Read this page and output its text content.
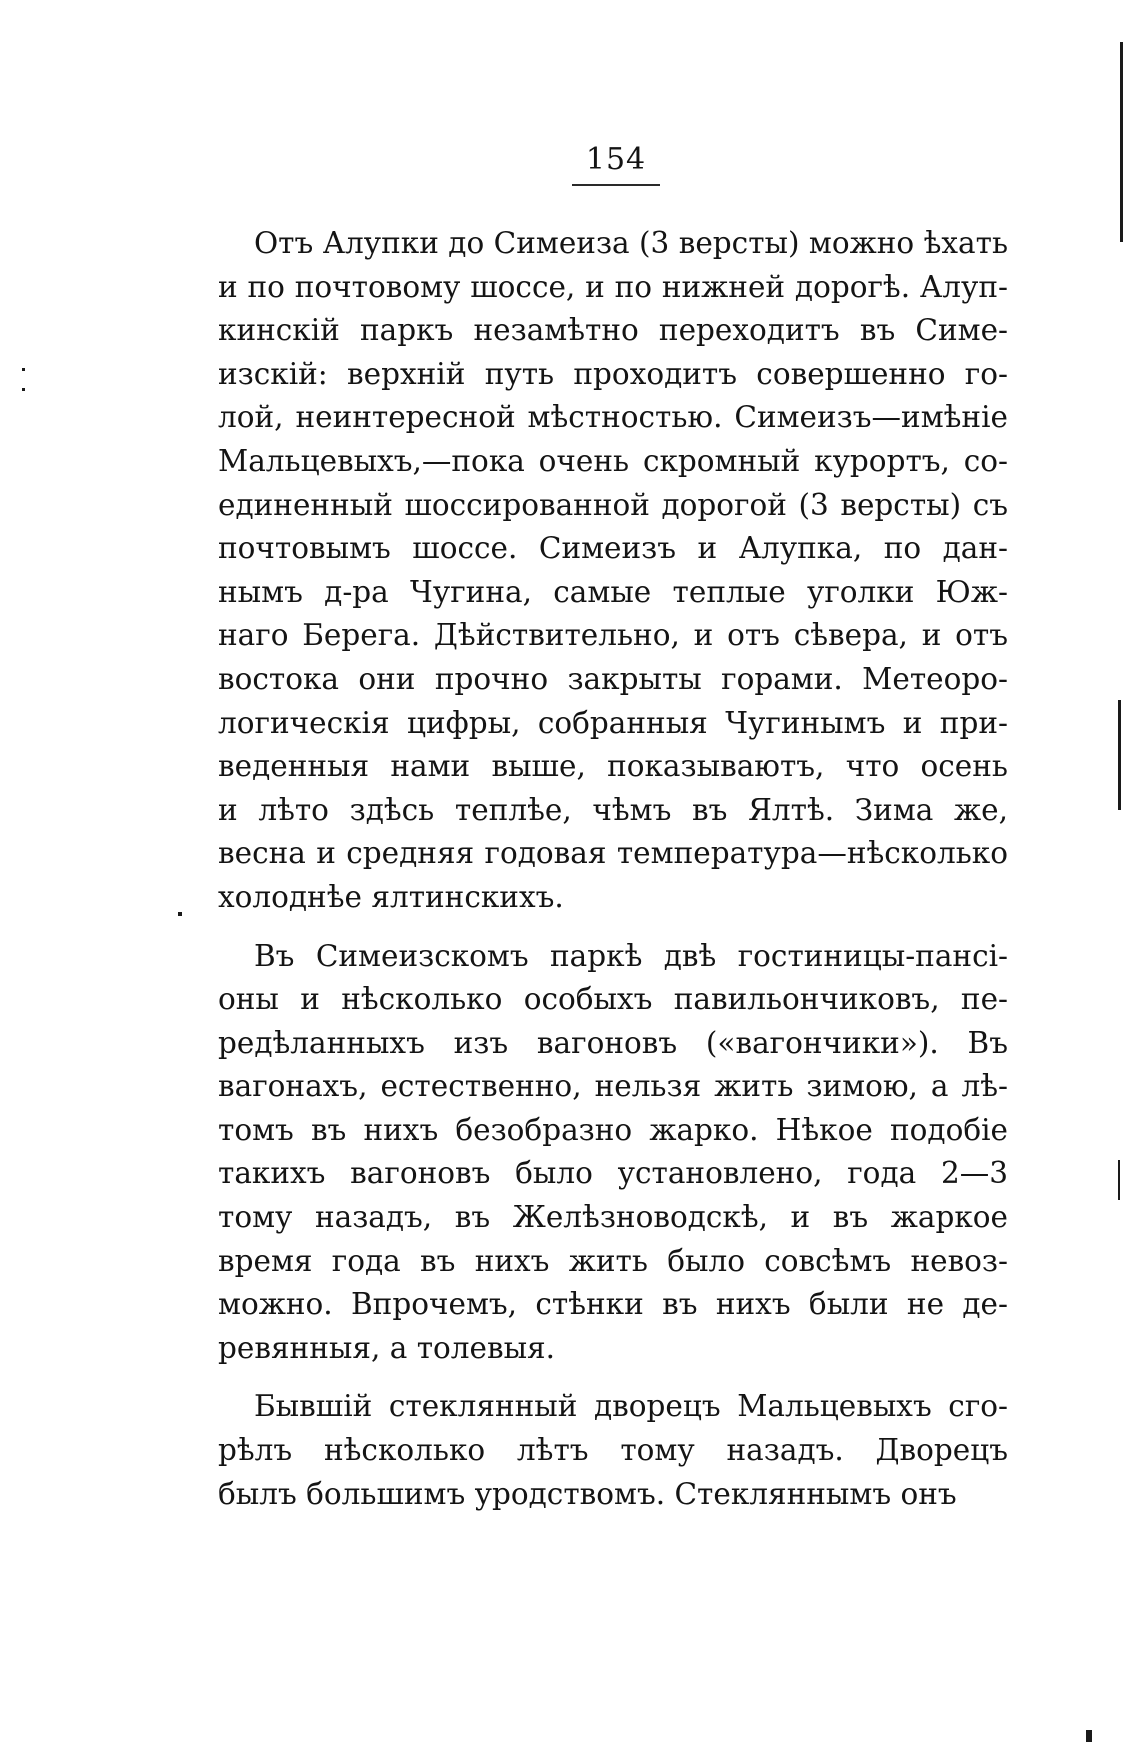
154

Отъ Алупки до Симеиза (3 версты) можно ѣхать
и по почтовому шоссе, и по нижней дорогѣ. Алуп-
кинскій паркъ незамѣтно переходитъ въ Симе-
изскій: верхній путь проходитъ совершенно го-
лой, неинтересной мѣстностью. Симеизъ—имѣніе
Мальцевыхъ,—пока очень скромный курортъ, со-
единенный шоссированной дорогой (3 версты) съ
почтовымъ шоссе. Симеизъ и Алупка, по дан-
нымъ д-ра Чугина, самые теплые уголки Юж-
наго Берега. Дѣйствительно, и отъ сѣвера, и отъ
востока они прочно закрыты горами. Метеоро-
логическія цифры, собранныя Чугинымъ и при-
веденныя нами выше, показываютъ, что осень
и лѣто здѣсь теплѣе, чѣмъ въ Ялтѣ. Зима же,
весна и средняя годовая температура—нѣсколько
холоднѣе ялтинскихъ.

Въ Симеизскомъ паркѣ двѣ гостиницы-пансі-
оны и нѣсколько особыхъ павильончиковъ, пе-
редѣланныхъ изъ вагоновъ («вагончики»). Въ
вагонахъ, естественно, нельзя жить зимою, а лѣ-
томъ въ нихъ безобразно жарко. Нѣкое подобіе
такихъ вагоновъ было установлено, года 2—3
тому назадъ, въ Желѣзноводскѣ, и въ жаркое
время года въ нихъ жить было совсѣмъ невоз-
можно. Впрочемъ, стѣнки въ нихъ были не де-
ревянныя, а толевыя.

Бывшій стеклянный дворецъ Мальцевыхъ сго-
рѣлъ нѣсколько лѣтъ тому назадъ. Дворецъ
былъ большимъ уродствомъ. Стекляннымъ онъ
